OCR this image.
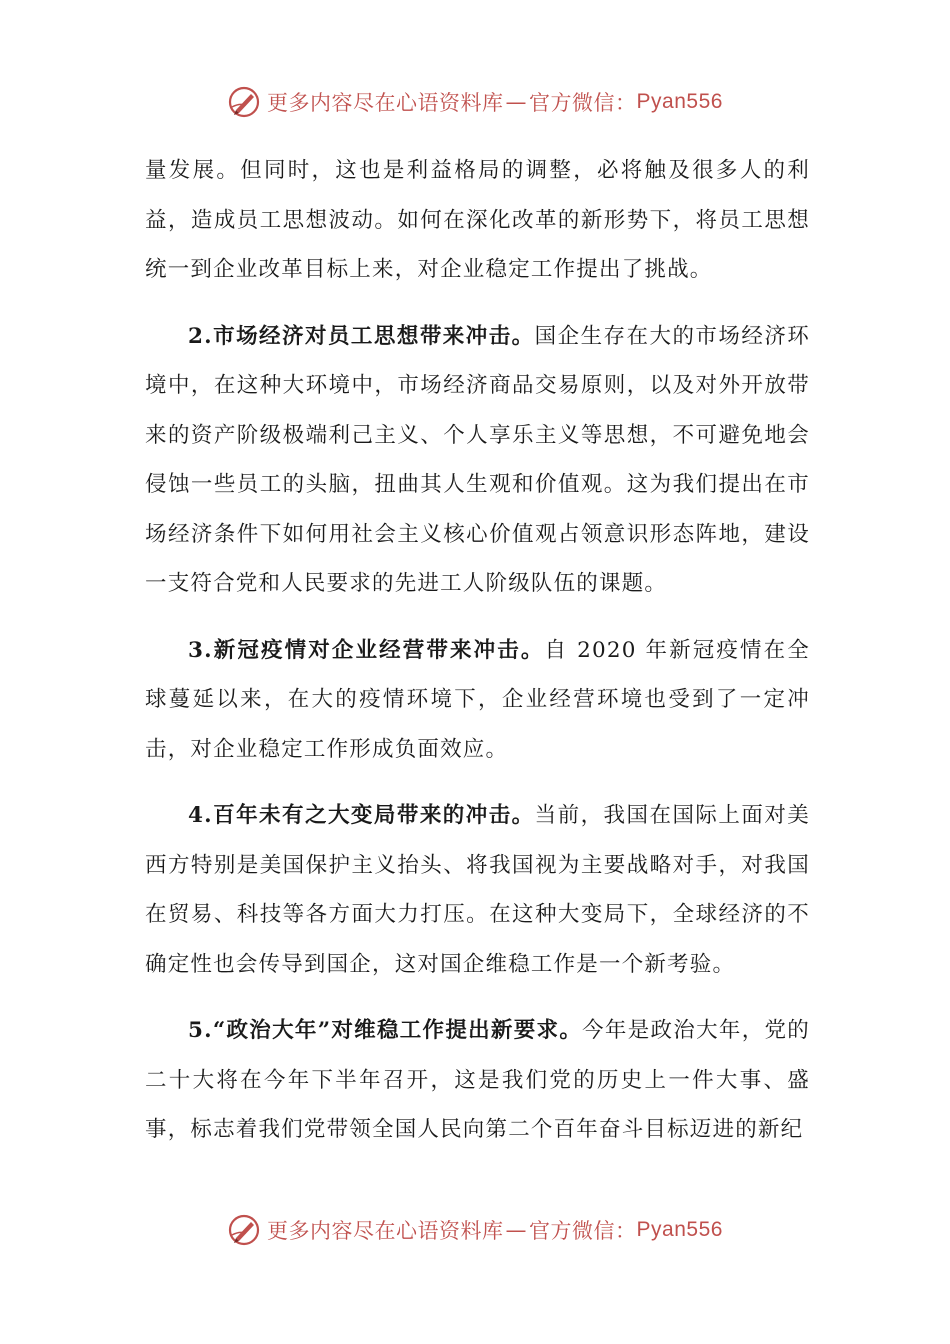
更多内容尽在心语资料库 — 官方微信： Pyan556

量发展。但同时，这也是利益格局的调整，必将触及很多人的利益，造成员工思想波动。如何在深化改革的新形势下，将员工思想统一到企业改革目标上来，对企业稳定工作提出了挑战。

2.市场经济对员工思想带来冲击。国企生存在大的市场经济环境中，在这种大环境中，市场经济商品交易原则，以及对外开放带来的资产阶级极端利己主义、个人享乐主义等思想，不可避免地会侵蚀一些员工的头脑，扭曲其人生观和价值观。这为我们提出在市场经济条件下如何用社会主义核心价值观占领意识形态阵地，建设一支符合党和人民要求的先进工人阶级队伍的课题。

3.新冠疫情对企业经营带来冲击。自 2020 年新冠疫情在全球蔓延以来，在大的疫情环境下，企业经营环境也受到了一定冲击，对企业稳定工作形成负面效应。

4.百年未有之大变局带来的冲击。当前，我国在国际上面对美西方特别是美国保护主义抬头、将我国视为主要战略对手，对我国在贸易、科技等各方面大力打压。在这种大变局下，全球经济的不确定性也会传导到国企，这对国企维稳工作是一个新考验。

5.“政治大年”对维稳工作提出新要求。今年是政治大年，党的二十大将在今年下半年召开，这是我们党的历史上一件大事、盛事，标志着我们党带领全国人民向第二个百年奋斗目标迈进的新纪

更多内容尽在心语资料库 — 官方微信： Pyan556
